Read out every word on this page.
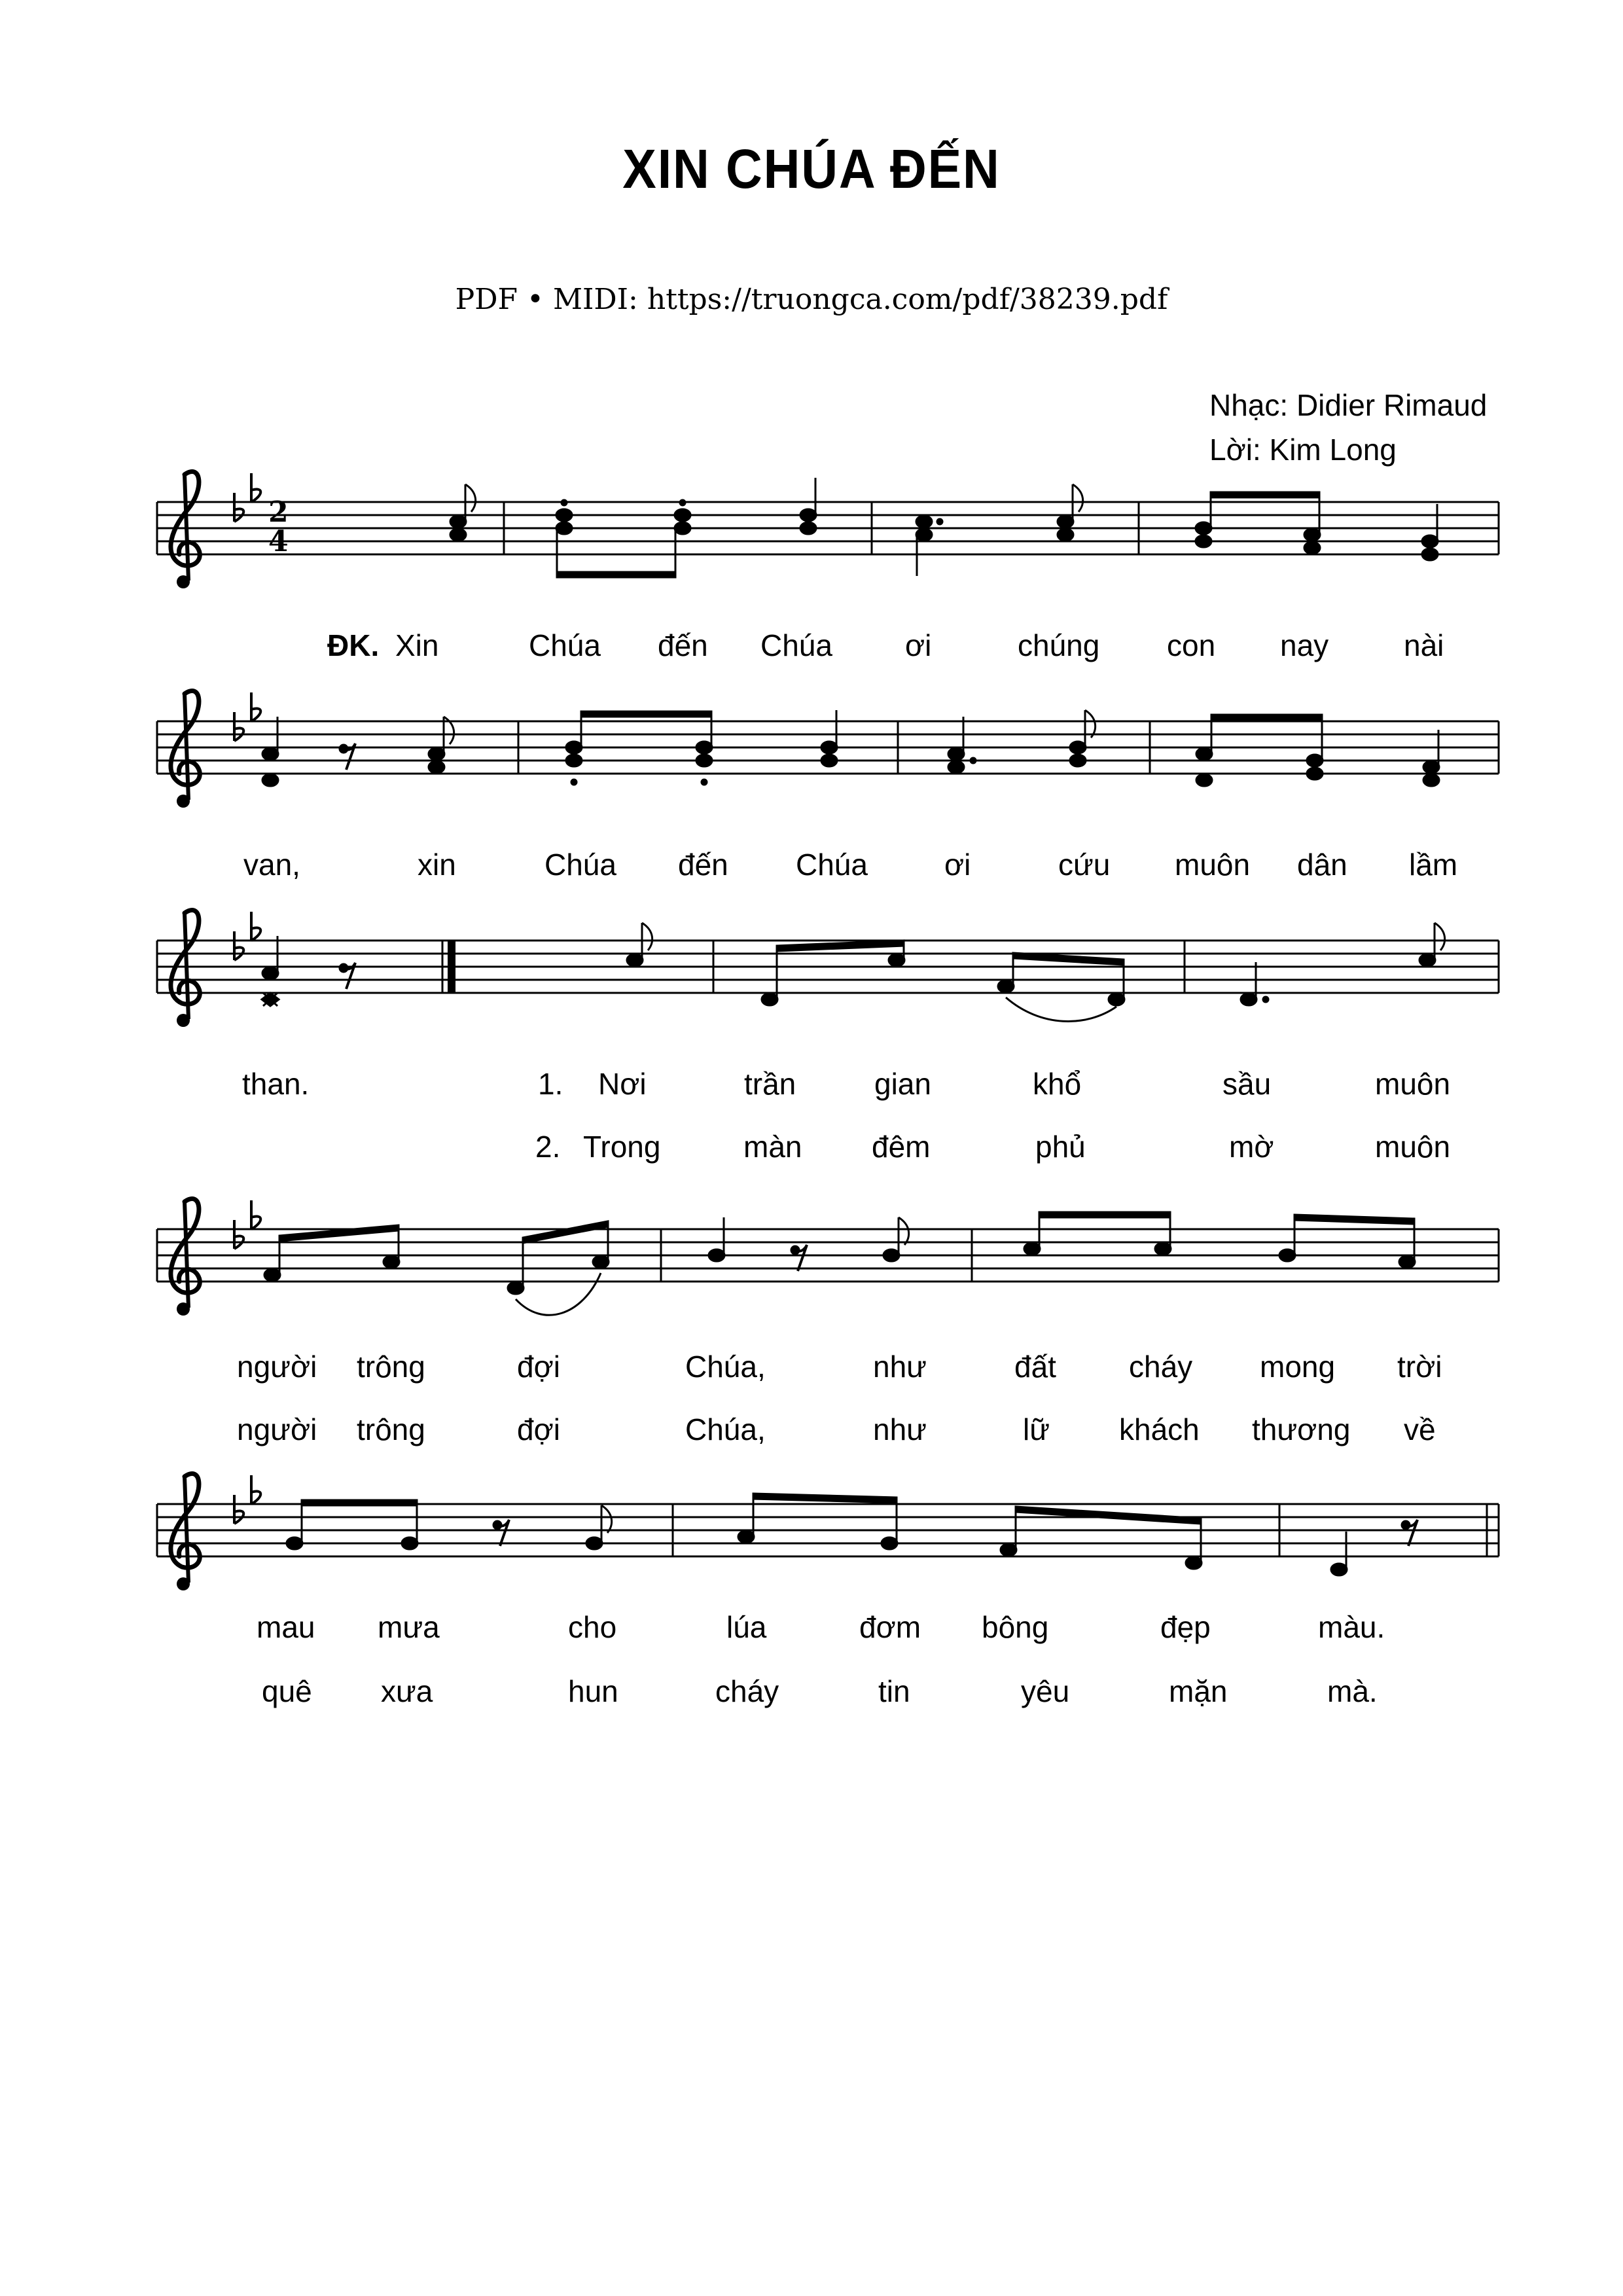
XIN CHÚA ĐẾN
PDF • MIDI: https://truongca.com/pdf/38239.pdf
Nhạc: Didier Rimaud
Lời: Kim Long
2
4
ĐK. Xin	Chúa đến Chúa ơi	chúng con nay nài
van,	xin	Chúa đến Chúa	ơi	cứu muôn dân lầm
than.	1. Nơi	trần	gian	khổ	sầu	muôn
2. Trong	màn đêm	phủ	mờ	muôn
người trông	đợi	Chúa,	như	đất cháy mong trời
người trông	đợi	Chúa,	như	lữ khách thương về
mau mưa	cho	lúa	đơm bông	đẹp	màu.
quê xưa	hun	cháy	tin	yêu	mặn	mà.
